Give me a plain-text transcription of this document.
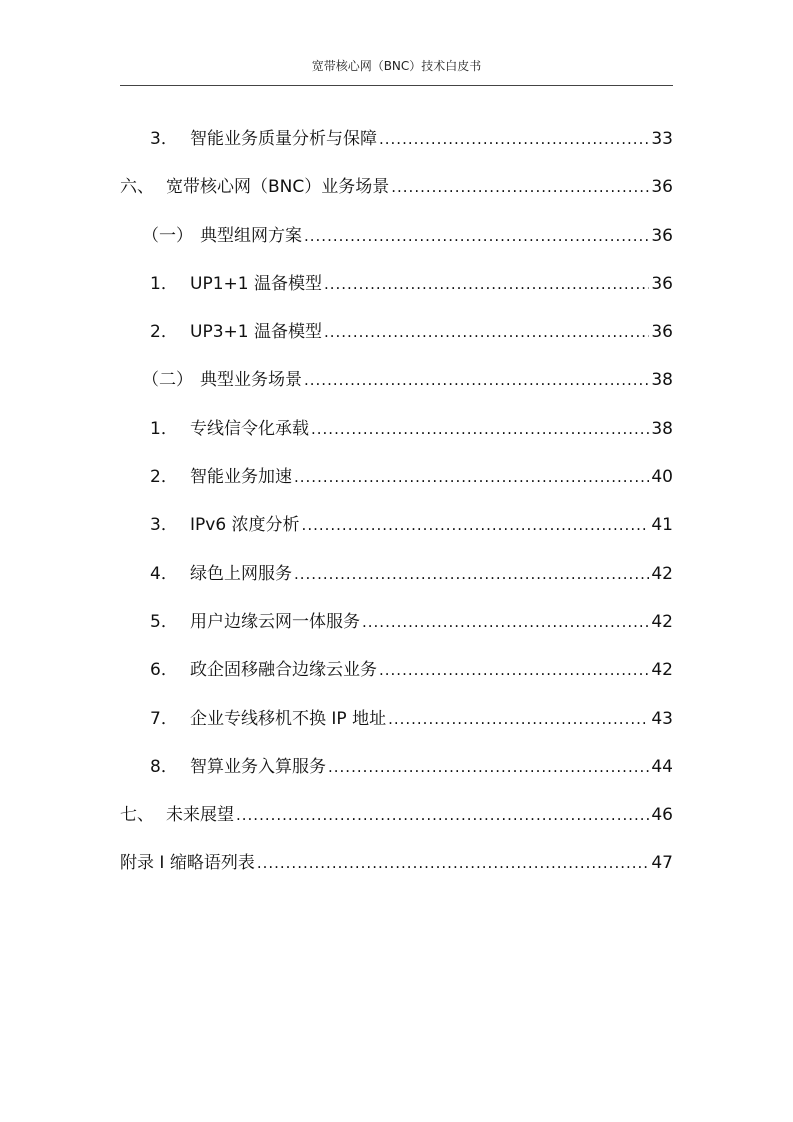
宽带核心网（BNC）技术白皮书
3． 智能业务质量分析与保障 .....	33
六、 宽带核心网（BNC）业务场景 .....	36
（一） 典型组网方案 .....	36
1． UP1+1 温备模型 .....	36
2． UP3+1 温备模型 .....	36
（二） 典型业务场景 .....	38
1． 专线信令化承载 .....	38
2． 智能业务加速 .....	40
3． IPv6 浓度分析 .....	41
4． 绿色上网服务 .....	42
5． 用户边缘云网一体服务 .....	42
6． 政企固移融合边缘云业务 .....	42
7． 企业专线移机不换 IP 地址 .....	43
8． 智算业务入算服务 .....	44
七、 未来展望 .....	46
附录 I 缩略语列表 .....	47
